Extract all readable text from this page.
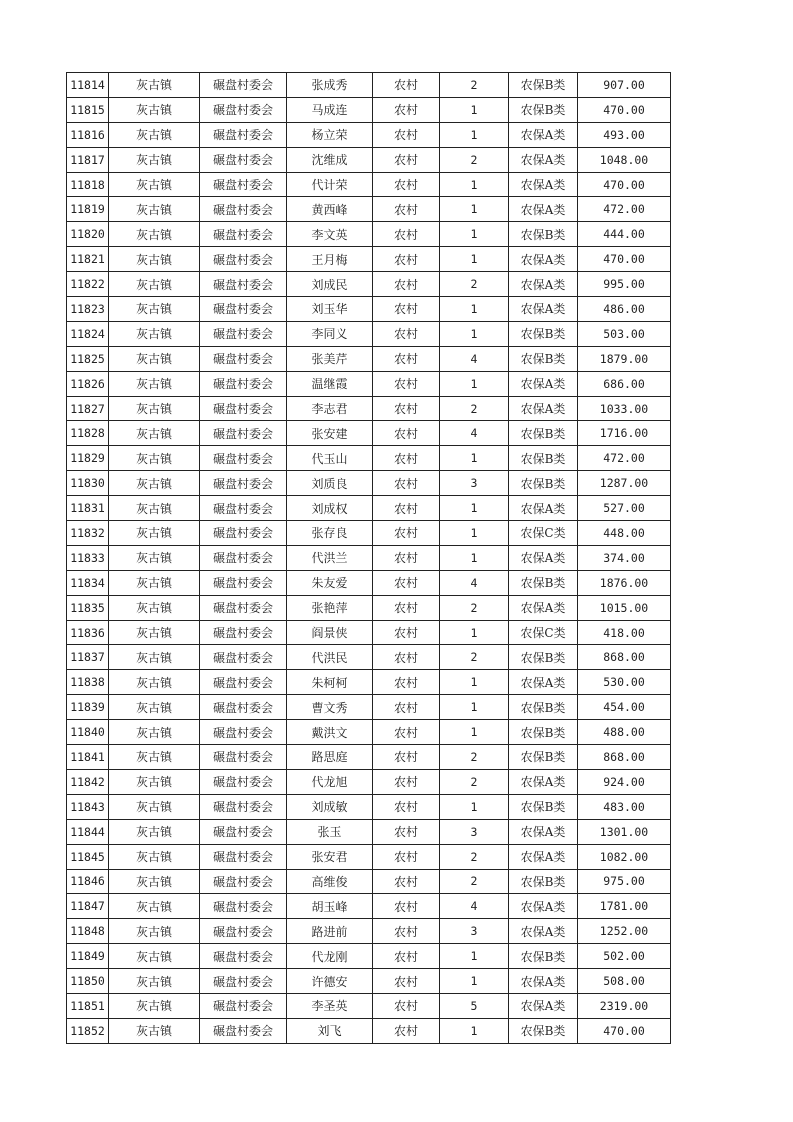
11814	灰古镇	碾盘村委会	张成秀	农村	2	农保B类	907.00
11815	灰古镇	碾盘村委会	马成连	农村	1	农保B类	470.00
11816	灰古镇	碾盘村委会	杨立荣	农村	1	农保A类	493.00
11817	灰古镇	碾盘村委会	沈维成	农村	2	农保A类	1048.00
11818	灰古镇	碾盘村委会	代计荣	农村	1	农保A类	470.00
11819	灰古镇	碾盘村委会	黄西峰	农村	1	农保A类	472.00
11820	灰古镇	碾盘村委会	李文英	农村	1	农保B类	444.00
11821	灰古镇	碾盘村委会	王月梅	农村	1	农保A类	470.00
11822	灰古镇	碾盘村委会	刘成民	农村	2	农保A类	995.00
11823	灰古镇	碾盘村委会	刘玉华	农村	1	农保A类	486.00
11824	灰古镇	碾盘村委会	李同义	农村	1	农保B类	503.00
11825	灰古镇	碾盘村委会	张美芹	农村	4	农保B类	1879.00
11826	灰古镇	碾盘村委会	温继霞	农村	1	农保A类	686.00
11827	灰古镇	碾盘村委会	李志君	农村	2	农保A类	1033.00
11828	灰古镇	碾盘村委会	张安建	农村	4	农保B类	1716.00
11829	灰古镇	碾盘村委会	代玉山	农村	1	农保B类	472.00
11830	灰古镇	碾盘村委会	刘质良	农村	3	农保B类	1287.00
11831	灰古镇	碾盘村委会	刘成权	农村	1	农保A类	527.00
11832	灰古镇	碾盘村委会	张存良	农村	1	农保C类	448.00
11833	灰古镇	碾盘村委会	代洪兰	农村	1	农保A类	374.00
11834	灰古镇	碾盘村委会	朱友爱	农村	4	农保B类	1876.00
11835	灰古镇	碾盘村委会	张艳萍	农村	2	农保A类	1015.00
11836	灰古镇	碾盘村委会	阎景侠	农村	1	农保C类	418.00
11837	灰古镇	碾盘村委会	代洪民	农村	2	农保B类	868.00
11838	灰古镇	碾盘村委会	朱柯柯	农村	1	农保A类	530.00
11839	灰古镇	碾盘村委会	曹文秀	农村	1	农保B类	454.00
11840	灰古镇	碾盘村委会	戴洪文	农村	1	农保B类	488.00
11841	灰古镇	碾盘村委会	路思庭	农村	2	农保B类	868.00
11842	灰古镇	碾盘村委会	代龙旭	农村	2	农保A类	924.00
11843	灰古镇	碾盘村委会	刘成敏	农村	1	农保B类	483.00
11844	灰古镇	碾盘村委会	张玉	农村	3	农保A类	1301.00
11845	灰古镇	碾盘村委会	张安君	农村	2	农保A类	1082.00
11846	灰古镇	碾盘村委会	高维俊	农村	2	农保B类	975.00
11847	灰古镇	碾盘村委会	胡玉峰	农村	4	农保A类	1781.00
11848	灰古镇	碾盘村委会	路进前	农村	3	农保A类	1252.00
11849	灰古镇	碾盘村委会	代龙刚	农村	1	农保B类	502.00
11850	灰古镇	碾盘村委会	许德安	农村	1	农保A类	508.00
11851	灰古镇	碾盘村委会	李圣英	农村	5	农保A类	2319.00
11852	灰古镇	碾盘村委会	刘飞	农村	1	农保B类	470.00
